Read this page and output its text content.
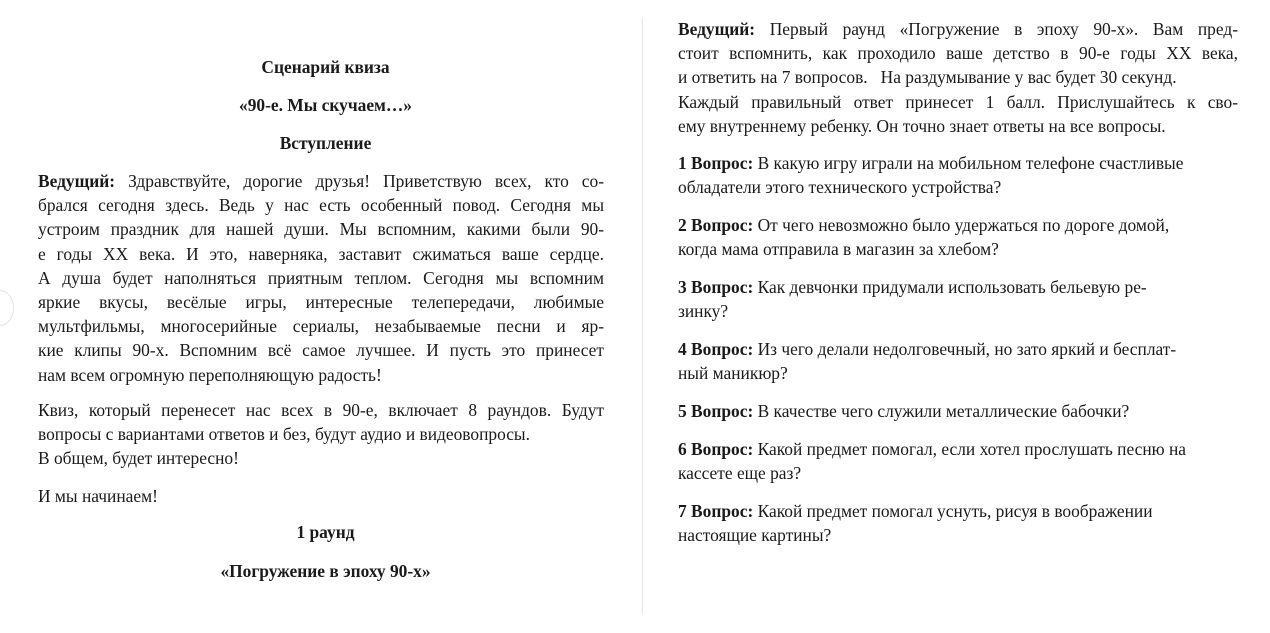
Сценарий квиза

«90-е. Мы скучаем…»

Вступление

Ведущий: Здравствуйте, дорогие друзья! Приветствую всех, кто со-
брался сегодня здесь. Ведь у нас есть особенный повод. Сегодня мы
устроим праздник для нашей души. Мы вспомним, какими были 90-
е годы XX века. И это, наверняка, заставит сжиматься ваше сердце.
А душа будет наполняться приятным теплом. Сегодня мы вспомним
яркие вкусы, весёлые игры, интересные телепередачи, любимые
мультфильмы, многосерийные сериалы, незабываемые песни и яр-
кие клипы 90-х. Вспомним всё самое лучшее. И пусть это принесет
нам всем огромную переполняющую радость!
Квиз, который перенесет нас всех в 90-е, включает 8 раундов. Будут
вопросы с вариантами ответов и без, будут аудио и видеовопросы.
В общем, будет интересно!
И мы начинаем!

1 раунд

«Погружение в эпоху 90-х»

Ведущий: Первый раунд «Погружение в эпоху 90-х». Вам пред-
стоит вспомнить, как проходило ваше детство в 90-е годы XX века,
и ответить на 7 вопросов.   На раздумывание у вас будет 30 секунд.
Каждый правильный ответ принесет 1 балл. Прислушайтесь к сво-
ему внутреннему ребенку. Он точно знает ответы на все вопросы.
1 Вопрос: В какую игру играли на мобильном телефоне счастливые
обладатели этого технического устройства?
2 Вопрос: От чего невозможно было удержаться по дороге домой,
когда мама отправила в магазин за хлебом?
3 Вопрос: Как девчонки придумали использовать бельевую ре-
зинку?
4 Вопрос: Из чего делали недолговечный, но зато яркий и бесплат-
ный маникюр?
5 Вопрос: В качестве чего служили металлические бабочки?
6 Вопрос: Какой предмет помогал, если хотел прослушать песню на
кассете еще раз?
7 Вопрос: Какой предмет помогал уснуть, рисуя в воображении
настоящие картины?
